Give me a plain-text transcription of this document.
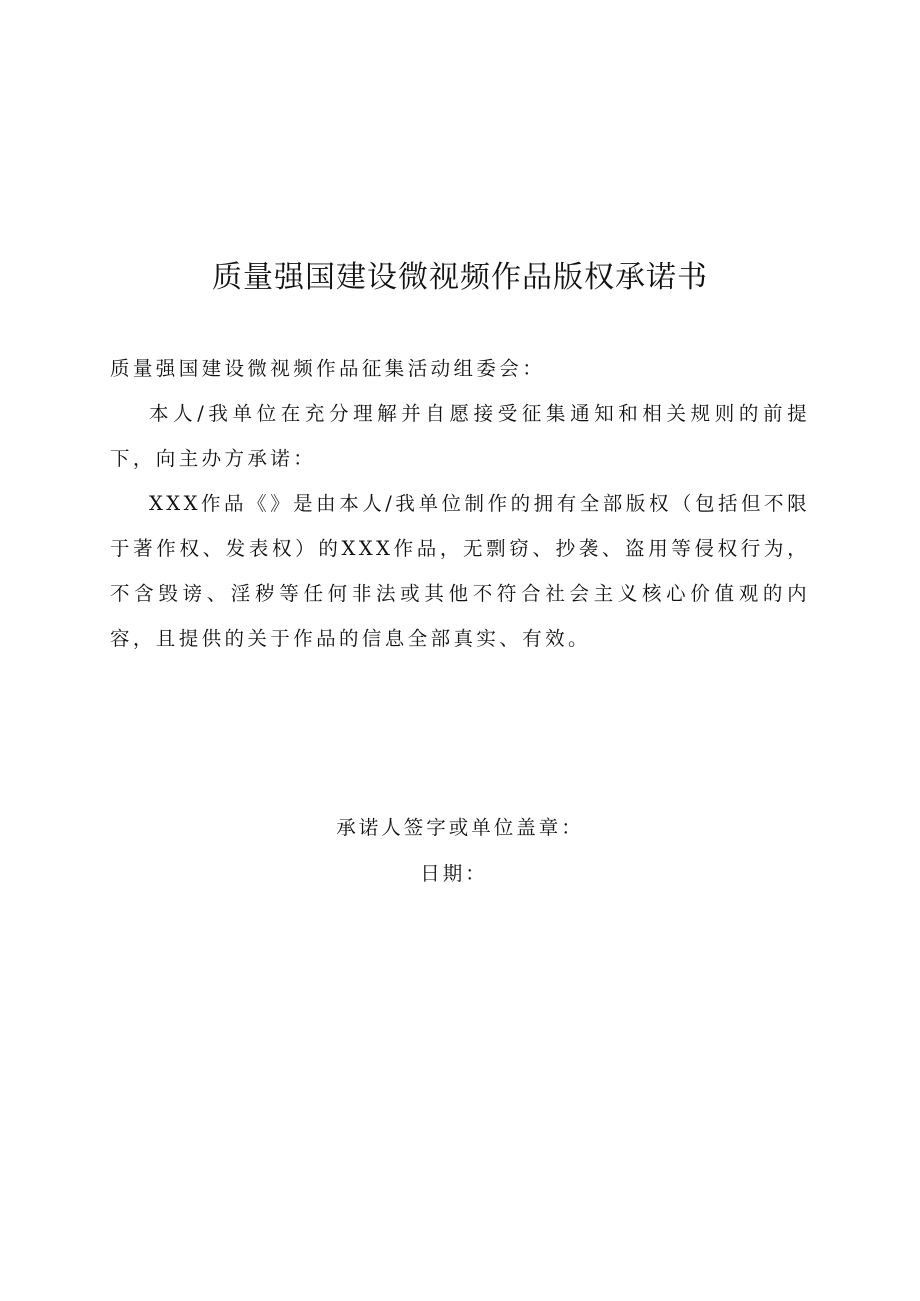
质量强国建设微视频作品版权承诺书

质量强国建设微视频作品征集活动组委会：

本人/我单位在充分理解并自愿接受征集通知和相关规则的前提下，向主办方承诺：

XXX作品《》是由本人/我单位制作的拥有全部版权（包括但不限于著作权、发表权）的XXX作品，无剽窃、抄袭、盗用等侵权行为，不含毁谤、淫秽等任何非法或其他不符合社会主义核心价值观的内容，且提供的关于作品的信息全部真实、有效。

承诺人签字或单位盖章：
日期：
